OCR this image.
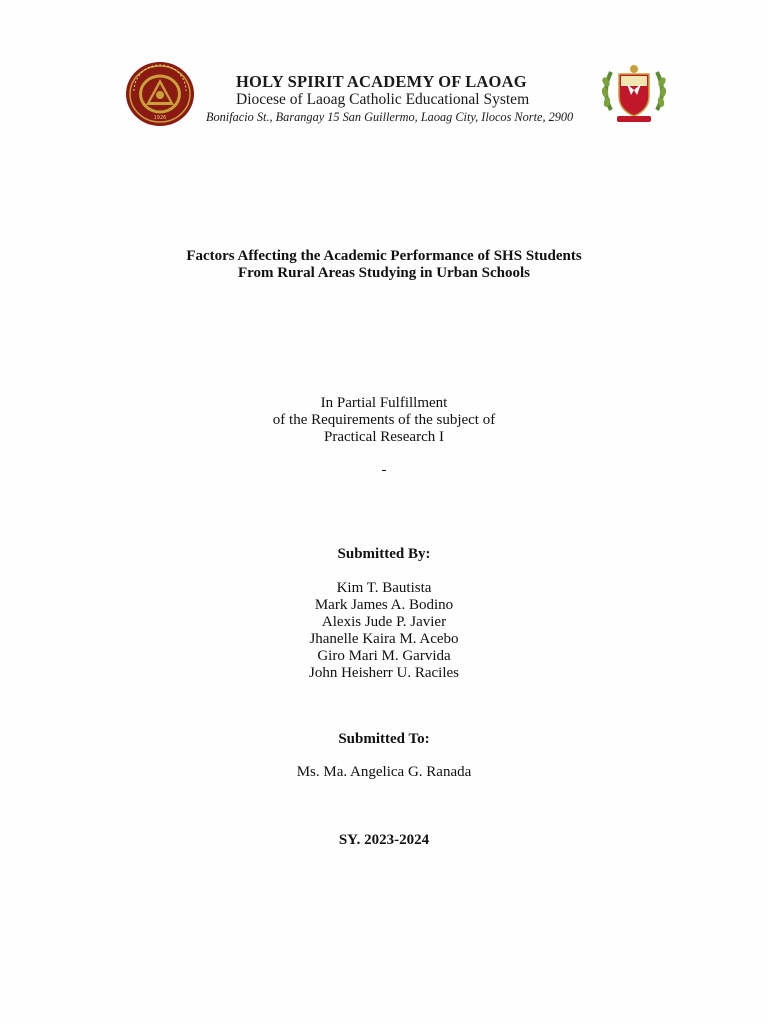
1926
HOLY SPIRIT ACADEMY OF LAOAG
Diocese of Laoag Catholic Educational System
Bonifacio St., Barangay 15 San Guillermo, Laoag City, Ilocos Norte, 2900
Factors Affecting the Academic Performance of SHS Students
From Rural Areas Studying in Urban Schools
In Partial Fulfillment
of the Requirements of the subject of
Practical Research I
-
Submitted By:
Kim T. Bautista
Mark James A. Bodino
Alexis Jude P. Javier
Jhanelle Kaira M. Acebo
Giro Mari M. Garvida
John Heisherr U. Raciles
Submitted To:
Ms. Ma. Angelica G. Ranada
SY. 2023-2024
